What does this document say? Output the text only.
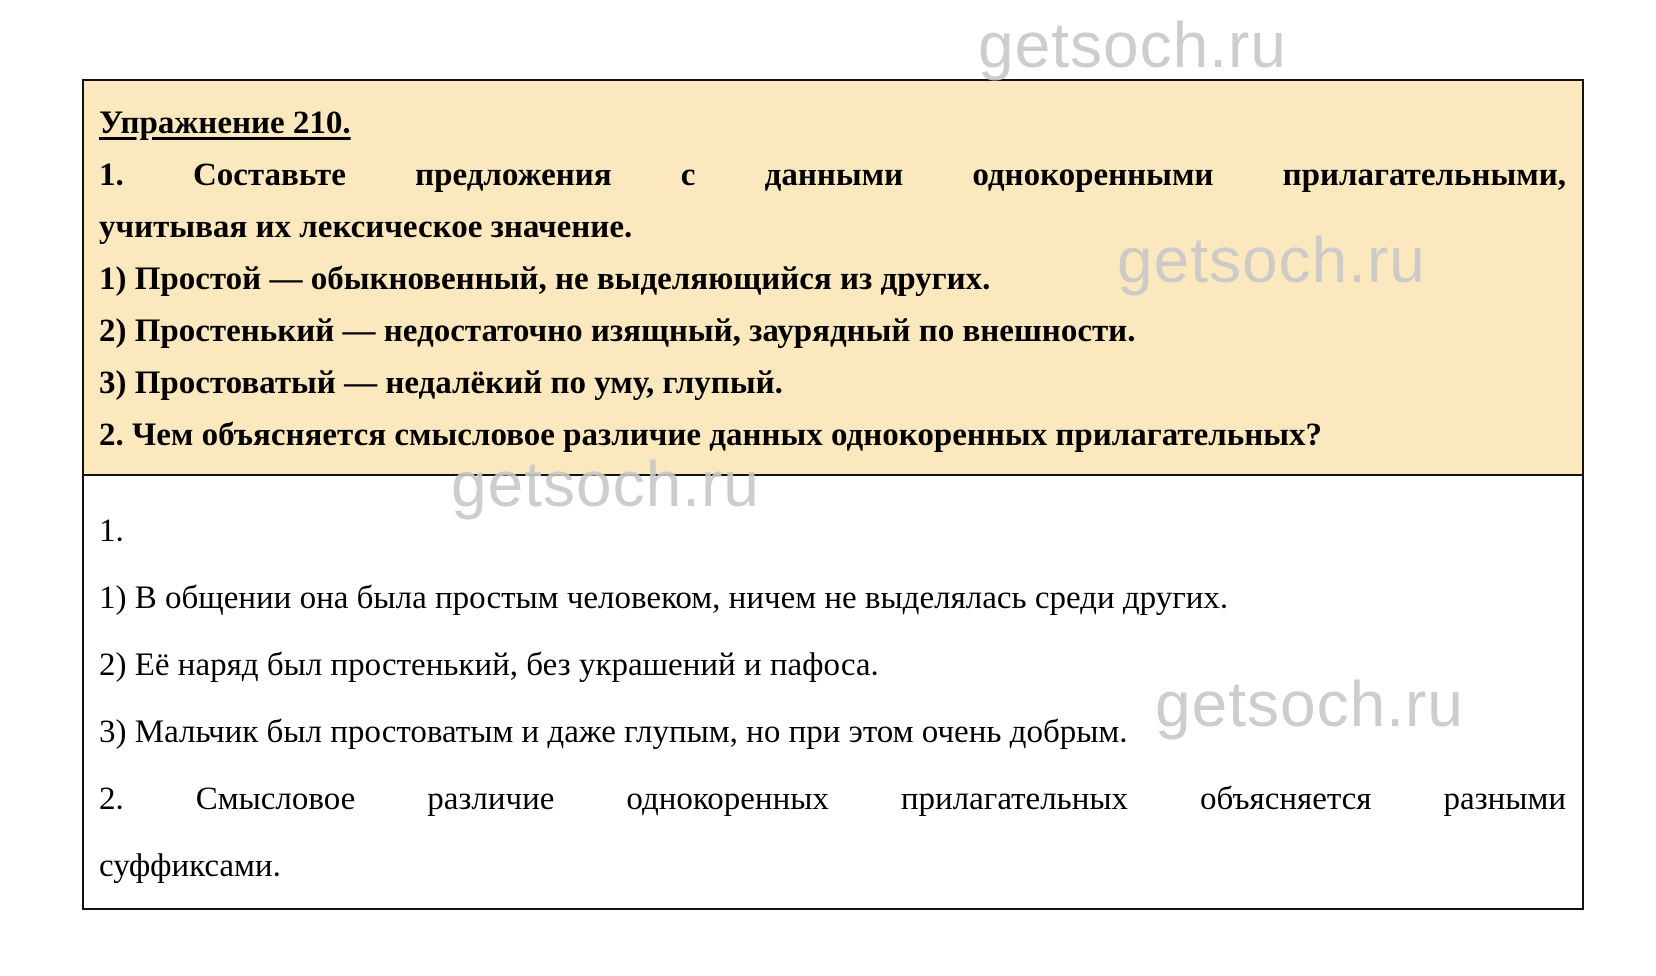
getsoch.ru
Упражнение 210.
1. Составьте предложения с данными однокоренными прилагательными,
учитывая их лексическое значение.
1) Простой — обыкновенный, не выделяющийся из других.
2) Простенький — недостаточно изящный, заурядный по внешности.
3) Простоватый — недалёкий по уму, глупый.
2. Чем объясняется смысловое различие данных однокоренных прилагательных?
1.
1) В общении она была простым человеком, ничем не выделялась среди других.
2) Её наряд был простенький, без украшений и пафоса.
3) Мальчик был простоватым и даже глупым, но при этом очень добрым.
2. Смысловое различие однокоренных прилагательных объясняется разными
суффиксами.
getsoch.ru
getsoch.ru
getsoch.ru
